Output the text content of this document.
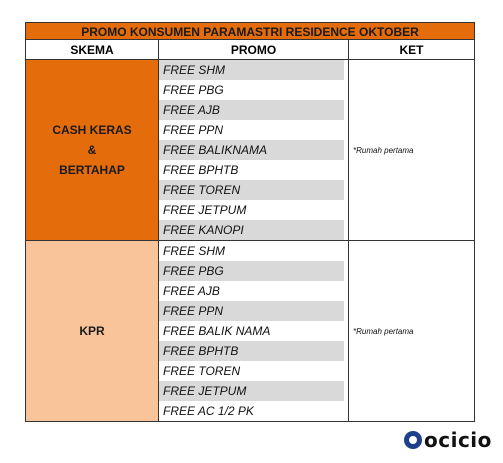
PROMO KONSUMEN PARAMASTRI RESIDENCE OKTOBER
SKEMA	PROMO	KET
CASH KERAS
&
BERTAHAP
FREE SHM
FREE PBG
FREE AJB
FREE PPN
FREE BALIKNAMA
FREE BPHTB
FREE TOREN
FREE JETPUM
FREE KANOPI
*Rumah pertama
KPR
FREE SHM
FREE PBG
FREE AJB
FREE PPN
FREE BALIK NAMA
FREE BPHTB
FREE TOREN
FREE JETPUM
FREE AC 1/2 PK
*Rumah pertama
ocicio
